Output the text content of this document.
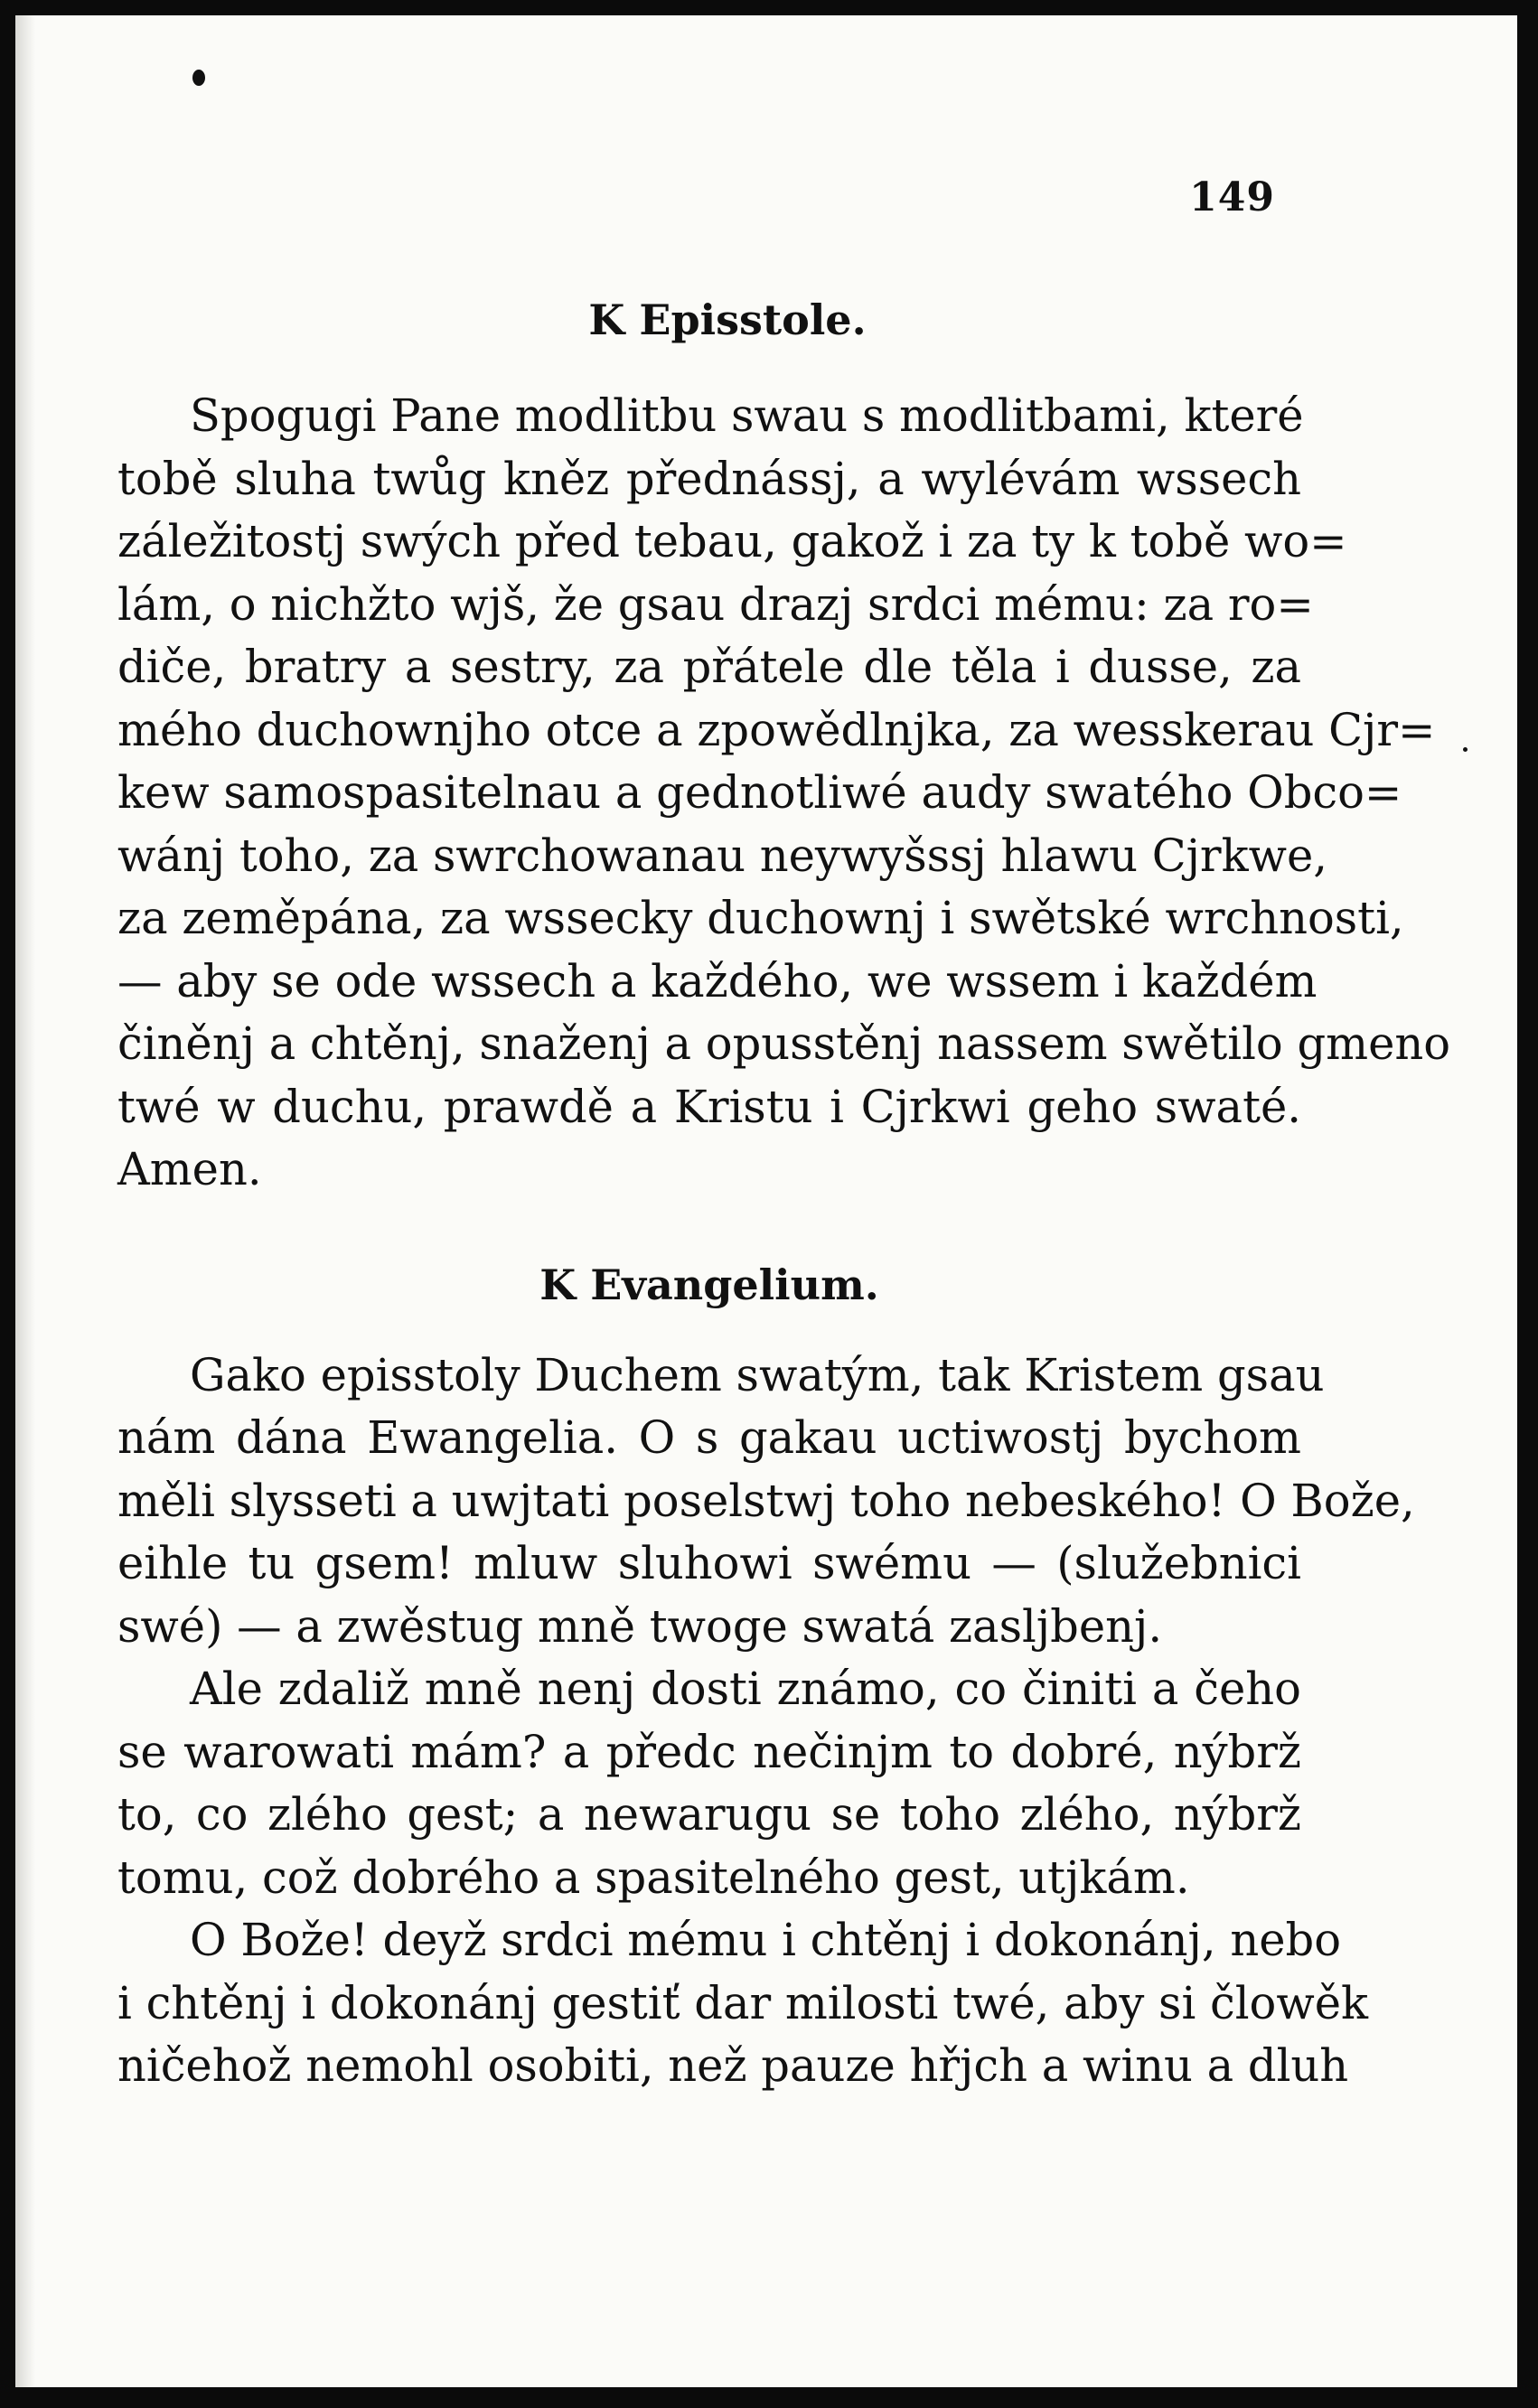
149
K Episstole.

Spogugi Pane modlitbu swau s modlitbami, které
tobě sluha twůg kněz přednássj, a wylévám wssech
záležitostj swých před tebau, gakož i za ty k tobě wo=
lám, o nichžto wjš, že gsau drazj srdci mému: za ro=
diče, bratry a sestry, za přátele dle těla i dusse, za
mého duchownjho otce a zpowědlnjka, za wesskerau Cjr=
kew samospasitelnau a gednotliwé audy swatého Obco=
wánj toho, za swrchowanau neywyšssj hlawu Cjrkwe,
za zeměpána, za wssecky duchownj i swětské wrchnosti,
— aby se ode wssech a každého, we wssem i každém
činěnj a chtěnj, snaženj a opusstěnj nassem swětilo gmeno
twé w duchu, prawdě a Kristu i Cjrkwi geho swaté.
Amen.

K Evangelium.

Gako episstoly Duchem swatým, tak Kristem gsau
nám dána Ewangelia. O s gakau uctiwostj bychom
měli slyssetі a uwjtati poselstwj toho nebeského! O Bože,
eihle tu gsem! mluw sluhowi swému — (služebnici
swé) — a zwěstug mně twoge swatá zasljbenj.

Ale zdaliž mně nenj dosti známo, co činiti a čeho
se warowati mám? a předc nečinjm to dobré, nýbrž
to, co zlého gest; a newarugu se toho zlého, nýbrž
tomu, což dobrého a spasitelného gest, utjkám.

O Bože! deyž srdci mému i chtěnj i dokonánj, nebo
i chtěnj i dokonánj gestiť dar milosti twé, aby si člowěk
ničehož nemohl osobiti, než pauze hřjch a winu a dluh
